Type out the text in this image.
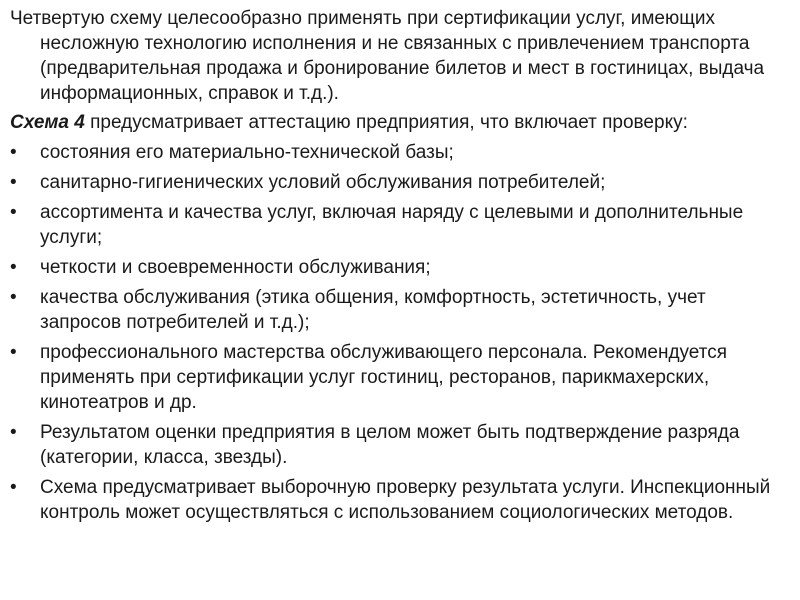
Четвертую схему целесообразно применять при сертификации услуг, имеющих несложную технологию исполнения и не связанных с привлечением транспорта (предварительная продажа и бронирование билетов и мест в гостиницах, выдача информационных, справок и т.д.).

Схема 4 предусматривает аттестацию предприятия, что включает проверку:

•	состояния его материально-технической базы;
•	санитарно-гигиенических условий обслуживания потребителей;
•	ассортимента и качества услуг, включая наряду с целевыми и дополнительные услуги;
•	четкости и своевременности обслуживания;
•	качества обслуживания (этика общения, комфортность, эстетичность, учет запросов потребителей и т.д.);
•	профессионального мастерства обслуживающего персонала. Рекомендуется применять при сертификации услуг гостиниц, ресторанов, парикмахерских, кинотеатров и др.
•	Результатом оценки предприятия в целом может быть подтверждение разряда (категории, класса, звезды).
•	Схема предусматривает выборочную проверку результата услуги. Инспекционный контроль может осуществляться с использованием социологических методов.
